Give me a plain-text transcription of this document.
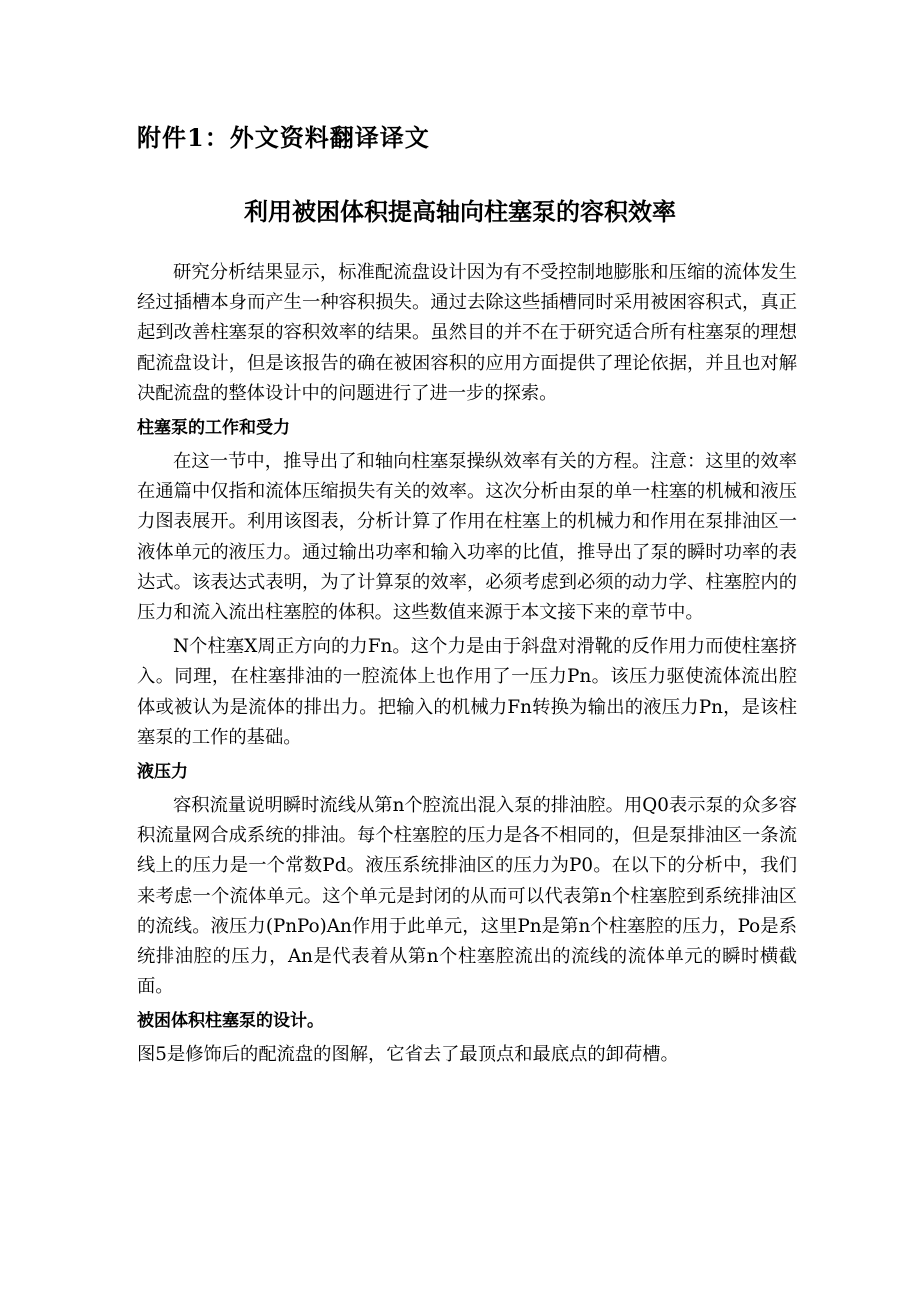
附件1：外文资料翻译译文
利用被困体积提高轴向柱塞泵的容积效率

研究分析结果显示，标准配流盘设计因为有不受控制地膨胀和压缩的流体发生经过插槽本身而产生一种容积损失。通过去除这些插槽同时采用被困容积式，真正起到改善柱塞泵的容积效率的结果。虽然目的并不在于研究适合所有柱塞泵的理想配流盘设计，但是该报告的确在被困容积的应用方面提供了理论依据，并且也对解决配流盘的整体设计中的问题进行了进一步的探索。

柱塞泵的工作和受力

在这一节中，推导出了和轴向柱塞泵操纵效率有关的方程。注意：这里的效率在通篇中仅指和流体压缩损失有关的效率。这次分析由泵的单一柱塞的机械和液压力图表展开。利用该图表，分析计算了作用在柱塞上的机械力和作用在泵排油区一液体单元的液压力。通过输出功率和输入功率的比值，推导出了泵的瞬时功率的表达式。该表达式表明，为了计算泵的效率，必须考虑到必须的动力学、柱塞腔内的压力和流入流出柱塞腔的体积。这些数值来源于本文接下来的章节中。

N个柱塞X周正方向的力Fn。这个力是由于斜盘对滑靴的反作用力而使柱塞挤入。同理，在柱塞排油的一腔流体上也作用了一压力Pn。该压力驱使流体流出腔体或被认为是流体的排出力。把输入的机械力Fn转换为输出的液压力Pn，是该柱塞泵的工作的基础。

液压力

容积流量说明瞬时流线从第n个腔流出混入泵的排油腔。用Q0表示泵的众多容积流量网合成系统的排油。每个柱塞腔的压力是各不相同的，但是泵排油区一条流线上的压力是一个常数Pd。液压系统排油区的压力为P0。在以下的分析中，我们来考虑一个流体单元。这个单元是封闭的从而可以代表第n个柱塞腔到系统排油区的流线。液压力(PnPo)An作用于此单元，这里Pn是第n个柱塞腔的压力，Po是系统排油腔的压力，An是代表着从第n个柱塞腔流出的流线的流体单元的瞬时横截面。

被困体积柱塞泵的设计。

图5是修饰后的配流盘的图解，它省去了最顶点和最底点的卸荷槽。
